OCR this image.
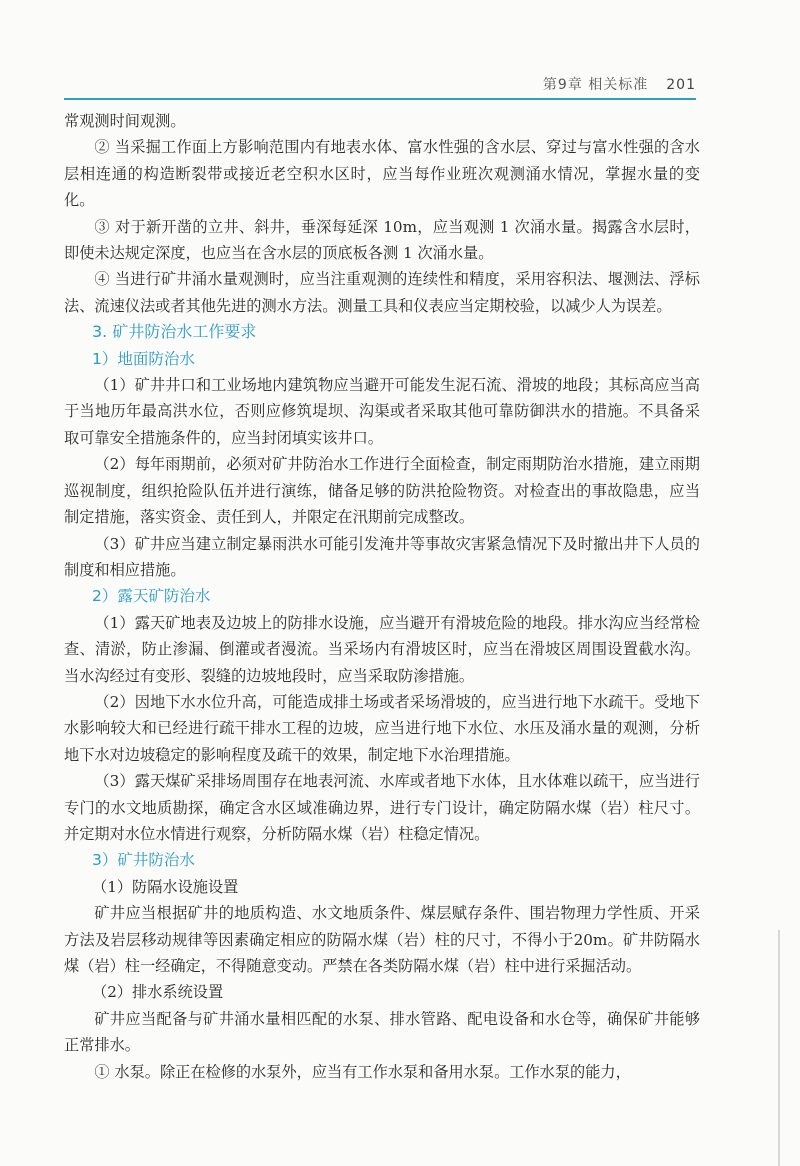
第9章 相关标准 201

常观测时间观测。

② 当采掘工作面上方影响范围内有地表水体、富水性强的含水层、穿过与富水性强的含水层相连通的构造断裂带或接近老空积水区时，应当每作业班次观测涌水情况，掌握水量的变化。

③ 对于新开凿的立井、斜井，垂深每延深 10m，应当观测 1 次涌水量。揭露含水层时，即使未达规定深度，也应当在含水层的顶底板各测 1 次涌水量。

④ 当进行矿井涌水量观测时，应当注重观测的连续性和精度，采用容积法、堰测法、浮标法、流速仪法或者其他先进的测水方法。测量工具和仪表应当定期校验，以减少人为误差。

3. 矿井防治水工作要求
1）地面防治水

（1）矿井井口和工业场地内建筑物应当避开可能发生泥石流、滑坡的地段；其标高应当高于当地历年最高洪水位，否则应修筑堤坝、沟渠或者采取其他可靠防御洪水的措施。不具备采取可靠安全措施条件的，应当封闭填实该井口。

（2）每年雨期前，必须对矿井防治水工作进行全面检查，制定雨期防治水措施，建立雨期巡视制度，组织抢险队伍并进行演练，储备足够的防洪抢险物资。对检查出的事故隐患，应当制定措施，落实资金、责任到人，并限定在汛期前完成整改。

（3）矿井应当建立制定暴雨洪水可能引发淹井等事故灾害紧急情况下及时撤出井下人员的制度和相应措施。

2）露天矿防治水

（1）露天矿地表及边坡上的防排水设施，应当避开有滑坡危险的地段。排水沟应当经常检查、清淤，防止渗漏、倒灌或者漫流。当采场内有滑坡区时，应当在滑坡区周围设置截水沟。当水沟经过有变形、裂缝的边坡地段时，应当采取防渗措施。

（2）因地下水水位升高，可能造成排土场或者采场滑坡的，应当进行地下水疏干。受地下水影响较大和已经进行疏干排水工程的边坡，应当进行地下水位、水压及涌水量的观测，分析地下水对边坡稳定的影响程度及疏干的效果，制定地下水治理措施。

（3）露天煤矿采排场周围存在地表河流、水库或者地下水体，且水体难以疏干，应当进行专门的水文地质勘探，确定含水区域准确边界，进行专门设计，确定防隔水煤（岩）柱尺寸。并定期对水位水情进行观察，分析防隔水煤（岩）柱稳定情况。

3）矿井防治水

（1）防隔水设施设置

矿井应当根据矿井的地质构造、水文地质条件、煤层赋存条件、围岩物理力学性质、开采方法及岩层移动规律等因素确定相应的防隔水煤（岩）柱的尺寸，不得小于20m。矿井防隔水煤（岩）柱一经确定，不得随意变动。严禁在各类防隔水煤（岩）柱中进行采掘活动。

（2）排水系统设置

矿井应当配备与矿井涌水量相匹配的水泵、排水管路、配电设备和水仓等，确保矿井能够正常排水。

① 水泵。除正在检修的水泵外，应当有工作水泵和备用水泵。工作水泵的能力，
